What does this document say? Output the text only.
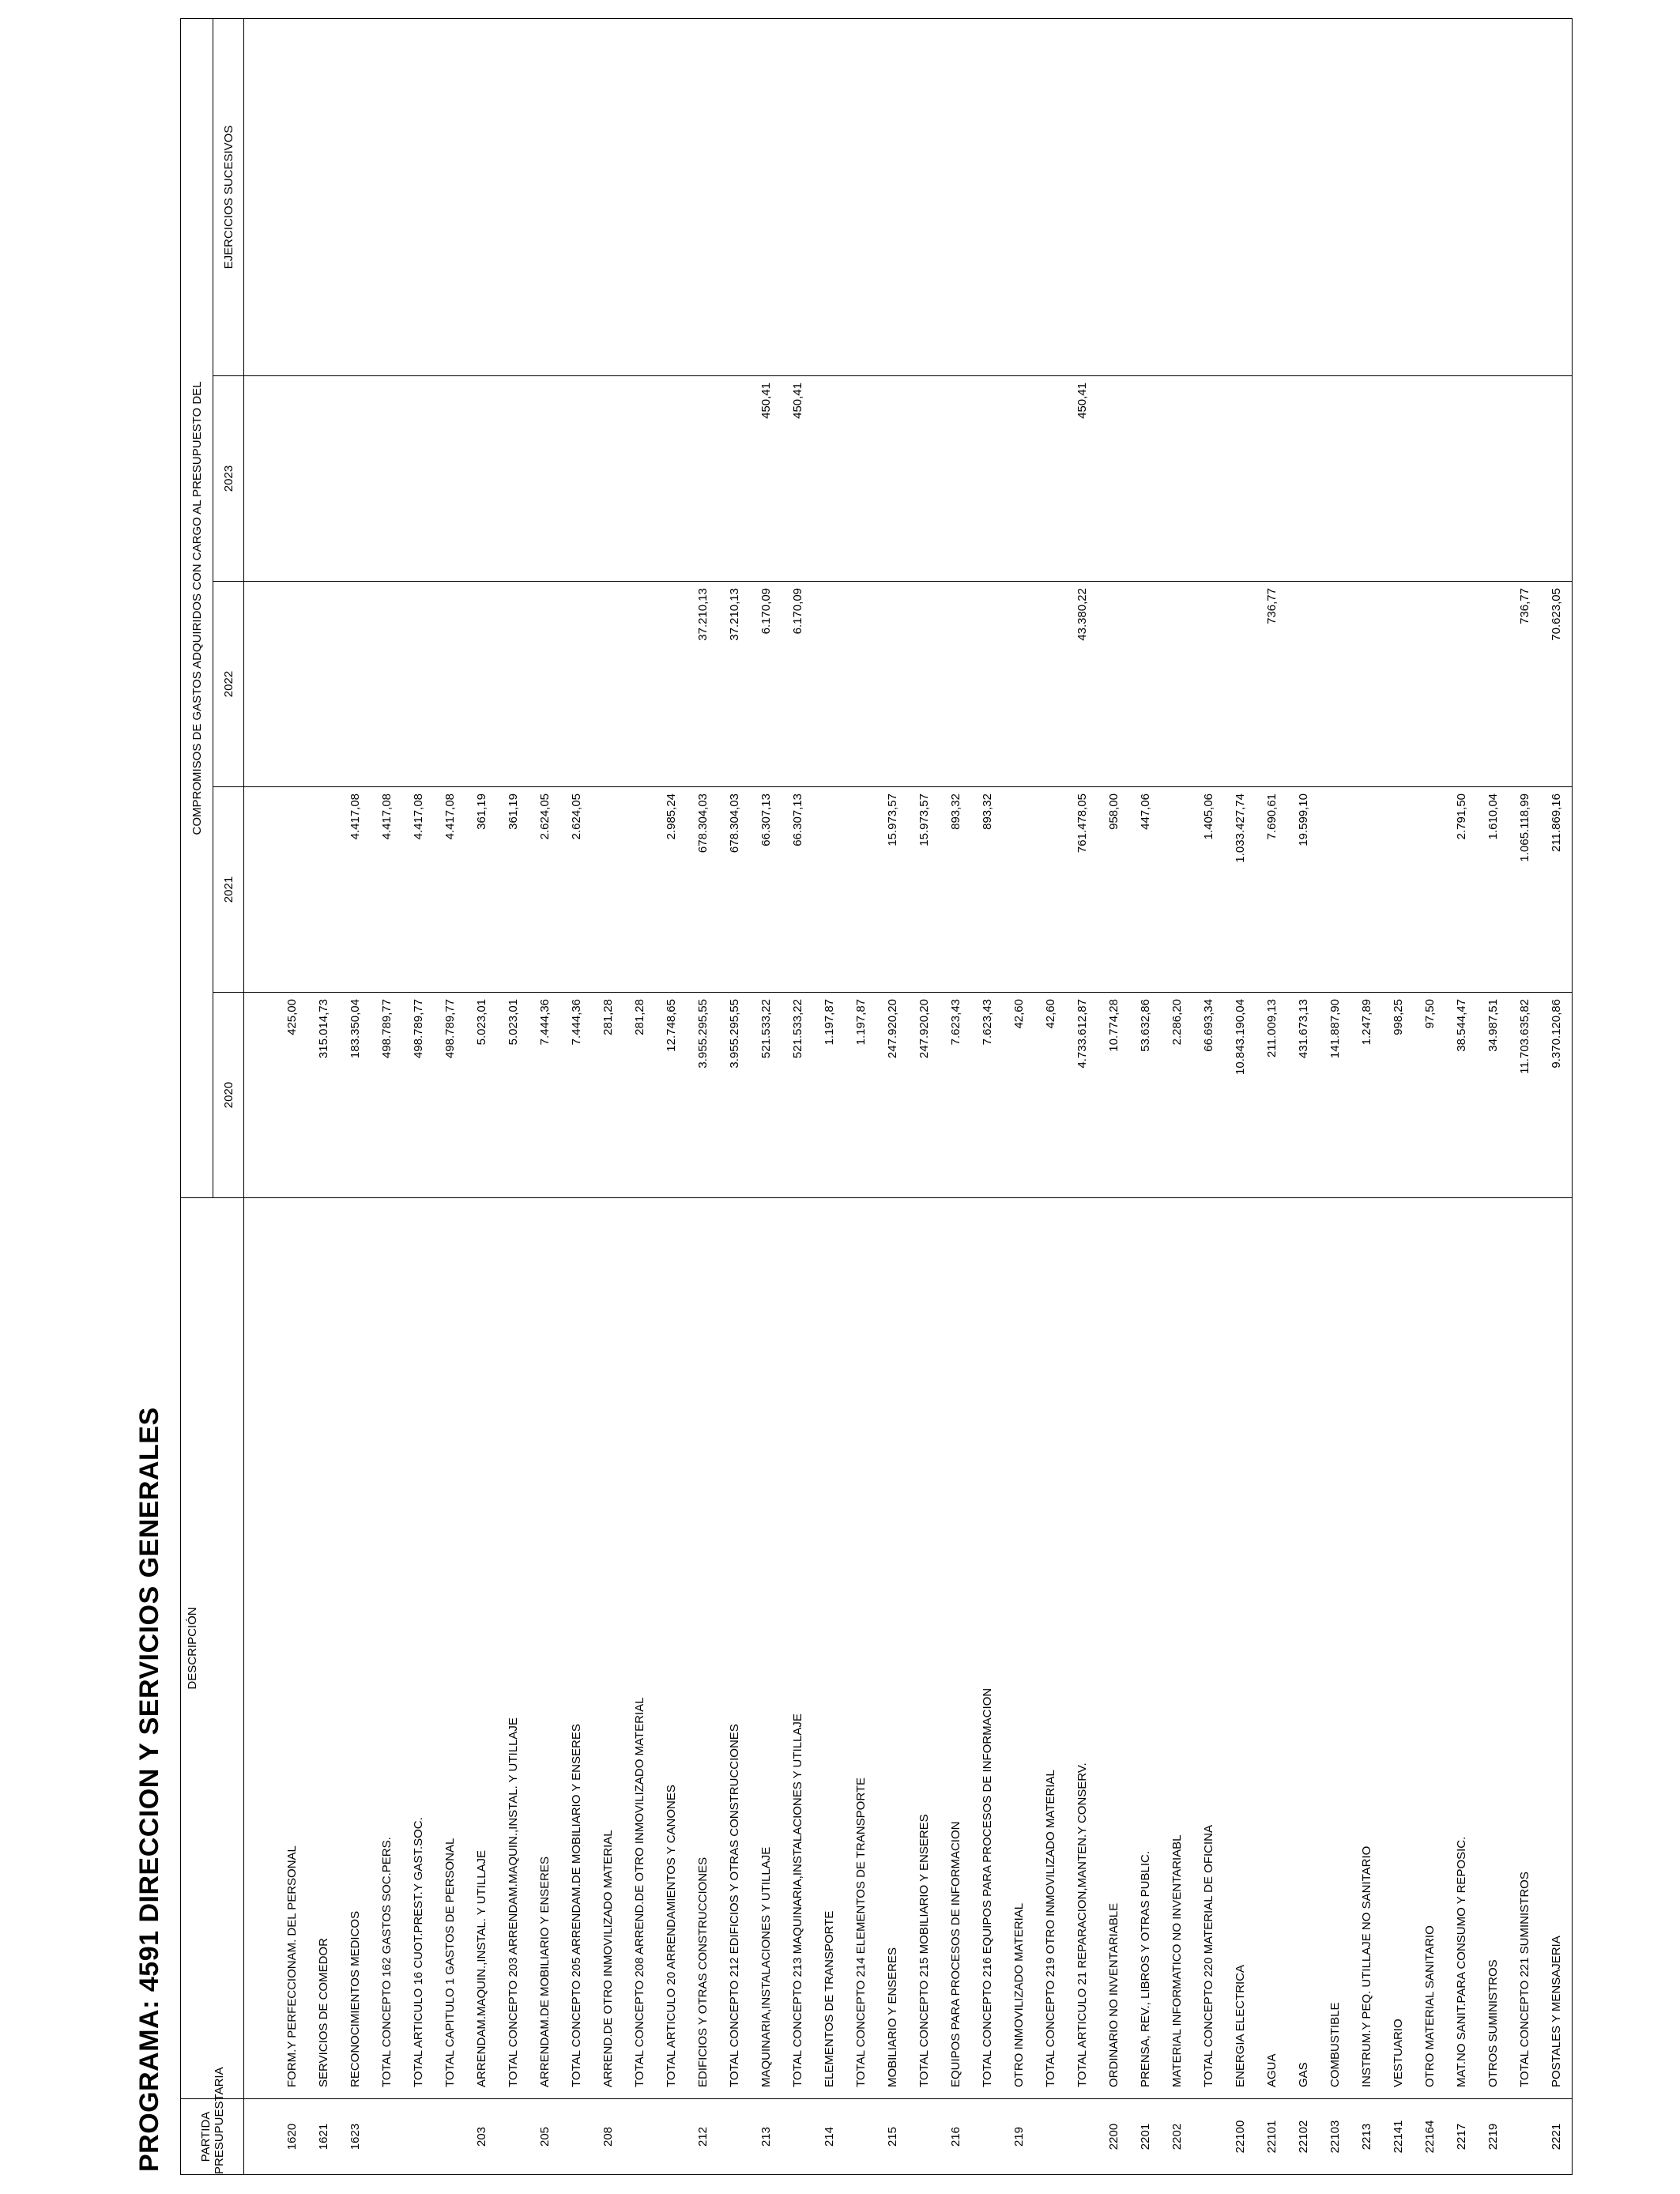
PROGRAMA: 4591 DIRECCION Y SERVICIOS GENERALES	PARTIDA
PRESUPUESTARIA	DESCRIPCIÓN	COMPROMISOS DE GASTOS ADQUIRIDOS CON CARGO AL PRESUPUESTO DEL				
		2020	2021	2022	2023	EJERCICIOS SUCESIVOS

1620	FORM.Y PERFECCIONAM. DEL PERSONAL	425,00				
1621	SERVICIOS DE COMEDOR	315.014,73				
1623	RECONOCIMIENTOS MEDICOS	183.350,04	4.417,08			
	TOTAL CONCEPTO 162 GASTOS SOC.PERS.	498.789,77	4.417,08			
	TOTAL ARTICULO 16 CUOT.PREST.Y GAST.SOC.	498.789,77	4.417,08			
	TOTAL CAPITULO 1 GASTOS DE PERSONAL	498.789,77	4.417,08			
203	ARRENDAM.MAQUIN.,INSTAL. Y UTILLAJE	5.023,01	361,19			
	TOTAL CONCEPTO 203 ARRENDAM.MAQUIN.,INSTAL. Y UTILLAJE	5.023,01	361,19			
205	ARRENDAM.DE MOBILIARIO Y ENSERES	7.444,36	2.624,05			
	TOTAL CONCEPTO 205 ARRENDAM.DE MOBILIARIO Y ENSERES	7.444,36	2.624,05			
208	ARREND.DE OTRO INMOVILIZADO MATERIAL	281,28				
	TOTAL CONCEPTO 208 ARREND.DE OTRO INMOVILIZADO MATERIAL	281,28				
	TOTAL ARTICULO 20 ARRENDAMIENTOS Y CANONES	12.748,65	2.985,24			
212	EDIFICIOS Y OTRAS CONSTRUCCIONES	3.955.295,55	678.304,03	37.210,13		
	TOTAL CONCEPTO 212 EDIFICIOS Y OTRAS CONSTRUCCIONES	3.955.295,55	678.304,03	37.210,13		
213	MAQUINARIA,INSTALACIONES Y UTILLAJE	521.533,22	66.307,13	6.170,09	450,41	
	TOTAL CONCEPTO 213 MAQUINARIA,INSTALACIONES Y UTILLAJE	521.533,22	66.307,13	6.170,09	450,41	
214	ELEMENTOS DE TRANSPORTE	1.197,87				
	TOTAL CONCEPTO 214 ELEMENTOS DE TRANSPORTE	1.197,87				
215	MOBILIARIO Y ENSERES	247.920,20	15.973,57			
	TOTAL CONCEPTO 215 MOBILIARIO Y ENSERES	247.920,20	15.973,57			
216	EQUIPOS PARA PROCESOS DE INFORMACION	7.623,43	893,32			
	TOTAL CONCEPTO 216 EQUIPOS PARA PROCESOS DE INFORMACION	7.623,43	893,32			
219	OTRO INMOVILIZADO MATERIAL	42,60				
	TOTAL CONCEPTO 219 OTRO INMOVILIZADO MATERIAL	42,60				
	TOTAL ARTICULO 21 REPARACION,MANTEN.Y CONSERV.	4.733.612,87	761.478,05	43.380,22	450,41	
2200	ORDINARIO NO INVENTARIABLE	10.774,28	958,00			
2201	PRENSA, REV., LIBROS Y OTRAS PUBLIC.	53.632,86	447,06			
2202	MATERIAL INFORMATICO NO INVENTARIABL	2.286,20				
	TOTAL CONCEPTO 220 MATERIAL DE OFICINA	66.693,34	1.405,06			
22100	ENERGIA ELECTRICA	10.843.190,04	1.033.427,74			
22101	AGUA	211.009,13	7.690,61	736,77		
22102	GAS	431.673,13	19.599,10			
22103	COMBUSTIBLE	141.887,90				
2213	INSTRUM.Y PEQ. UTILLAJE NO SANITARIO	1.247,89				
22141	VESTUARIO	998,25				
22164	OTRO MATERIAL SANITARIO	97,50				
2217	MAT.NO SANIT.PARA CONSUMO Y REPOSIC.	38.544,47	2.791,50			
2219	OTROS SUMINISTROS	34.987,51	1.610,04			
	TOTAL CONCEPTO 221 SUMINISTROS	11.703.635,82	1.065.118,99	736,77		
2221	POSTALES Y MENSAJERIA	9.370.120,86	211.869,16	70.623,05		
